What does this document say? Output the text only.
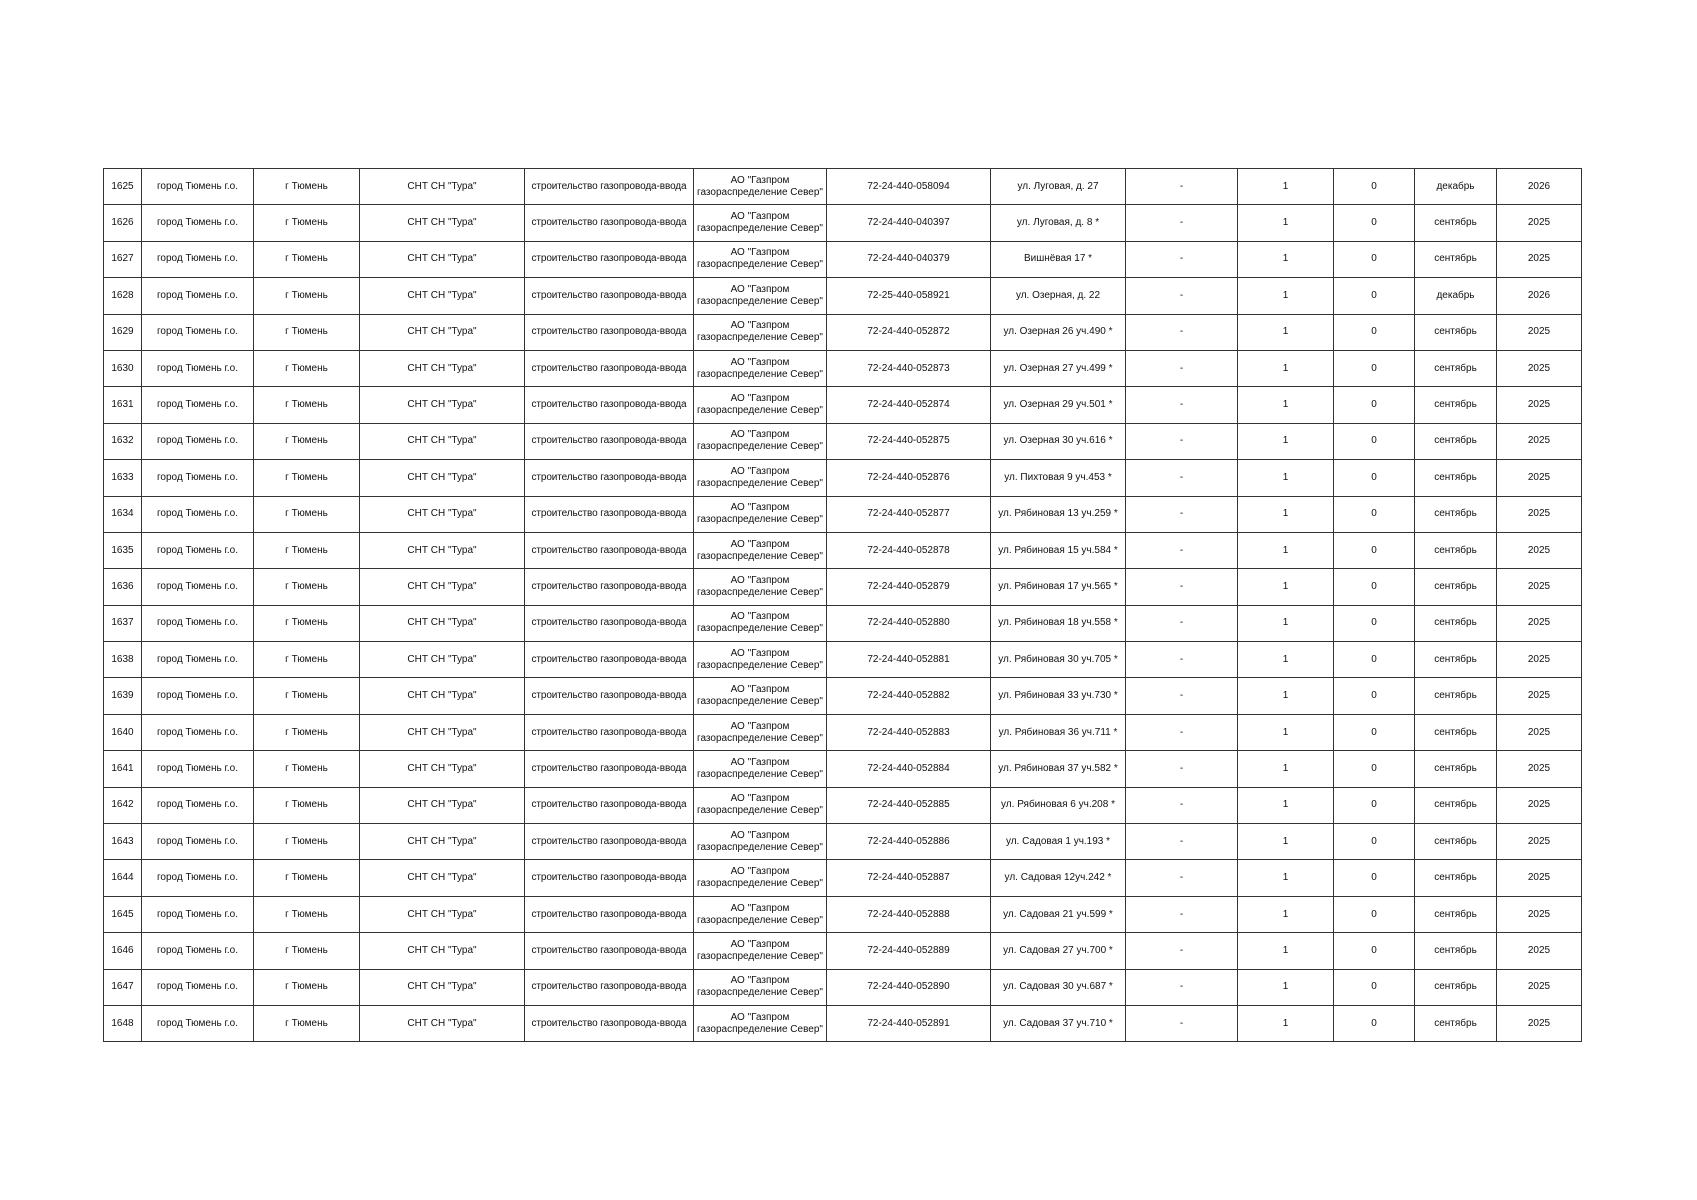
1625	город Тюмень г.о.	г Тюмень	СНТ СН "Тура"	строительство газопровода-ввода	АО "Газпром газораспределение Север"	72-24-440-058094	ул. Луговая, д. 27	-	1	0	декабрь	2026
1626	город Тюмень г.о.	г Тюмень	СНТ СН "Тура"	строительство газопровода-ввода	АО "Газпром газораспределение Север"	72-24-440-040397	ул. Луговая, д. 8 *	-	1	0	сентябрь	2025
1627	город Тюмень г.о.	г Тюмень	СНТ СН "Тура"	строительство газопровода-ввода	АО "Газпром газораспределение Север"	72-24-440-040379	Вишнёвая 17 *	-	1	0	сентябрь	2025
1628	город Тюмень г.о.	г Тюмень	СНТ СН "Тура"	строительство газопровода-ввода	АО "Газпром газораспределение Север"	72-25-440-058921	ул. Озерная, д. 22	-	1	0	декабрь	2026
1629	город Тюмень г.о.	г Тюмень	СНТ СН "Тура"	строительство газопровода-ввода	АО "Газпром газораспределение Север"	72-24-440-052872	ул. Озерная 26 уч.490 *	-	1	0	сентябрь	2025
1630	город Тюмень г.о.	г Тюмень	СНТ СН "Тура"	строительство газопровода-ввода	АО "Газпром газораспределение Север"	72-24-440-052873	ул. Озерная 27 уч.499 *	-	1	0	сентябрь	2025
1631	город Тюмень г.о.	г Тюмень	СНТ СН "Тура"	строительство газопровода-ввода	АО "Газпром газораспределение Север"	72-24-440-052874	ул. Озерная 29 уч.501 *	-	1	0	сентябрь	2025
1632	город Тюмень г.о.	г Тюмень	СНТ СН "Тура"	строительство газопровода-ввода	АО "Газпром газораспределение Север"	72-24-440-052875	ул. Озерная 30 уч.616 *	-	1	0	сентябрь	2025
1633	город Тюмень г.о.	г Тюмень	СНТ СН "Тура"	строительство газопровода-ввода	АО "Газпром газораспределение Север"	72-24-440-052876	ул. Пихтовая 9 уч.453 *	-	1	0	сентябрь	2025
1634	город Тюмень г.о.	г Тюмень	СНТ СН "Тура"	строительство газопровода-ввода	АО "Газпром газораспределение Север"	72-24-440-052877	ул. Рябиновая 13 уч.259 *	-	1	0	сентябрь	2025
1635	город Тюмень г.о.	г Тюмень	СНТ СН "Тура"	строительство газопровода-ввода	АО "Газпром газораспределение Север"	72-24-440-052878	ул. Рябиновая 15 уч.584 *	-	1	0	сентябрь	2025
1636	город Тюмень г.о.	г Тюмень	СНТ СН "Тура"	строительство газопровода-ввода	АО "Газпром газораспределение Север"	72-24-440-052879	ул. Рябиновая 17 уч.565 *	-	1	0	сентябрь	2025
1637	город Тюмень г.о.	г Тюмень	СНТ СН "Тура"	строительство газопровода-ввода	АО "Газпром газораспределение Север"	72-24-440-052880	ул. Рябиновая 18 уч.558 *	-	1	0	сентябрь	2025
1638	город Тюмень г.о.	г Тюмень	СНТ СН "Тура"	строительство газопровода-ввода	АО "Газпром газораспределение Север"	72-24-440-052881	ул. Рябиновая 30 уч.705 *	-	1	0	сентябрь	2025
1639	город Тюмень г.о.	г Тюмень	СНТ СН "Тура"	строительство газопровода-ввода	АО "Газпром газораспределение Север"	72-24-440-052882	ул. Рябиновая 33 уч.730 *	-	1	0	сентябрь	2025
1640	город Тюмень г.о.	г Тюмень	СНТ СН "Тура"	строительство газопровода-ввода	АО "Газпром газораспределение Север"	72-24-440-052883	ул. Рябиновая 36 уч.711 *	-	1	0	сентябрь	2025
1641	город Тюмень г.о.	г Тюмень	СНТ СН "Тура"	строительство газопровода-ввода	АО "Газпром газораспределение Север"	72-24-440-052884	ул. Рябиновая 37 уч.582 *	-	1	0	сентябрь	2025
1642	город Тюмень г.о.	г Тюмень	СНТ СН "Тура"	строительство газопровода-ввода	АО "Газпром газораспределение Север"	72-24-440-052885	ул. Рябиновая 6 уч.208 *	-	1	0	сентябрь	2025
1643	город Тюмень г.о.	г Тюмень	СНТ СН "Тура"	строительство газопровода-ввода	АО "Газпром газораспределение Север"	72-24-440-052886	ул. Садовая 1 уч.193 *	-	1	0	сентябрь	2025
1644	город Тюмень г.о.	г Тюмень	СНТ СН "Тура"	строительство газопровода-ввода	АО "Газпром газораспределение Север"	72-24-440-052887	ул. Садовая 12уч.242 *	-	1	0	сентябрь	2025
1645	город Тюмень г.о.	г Тюмень	СНТ СН "Тура"	строительство газопровода-ввода	АО "Газпром газораспределение Север"	72-24-440-052888	ул. Садовая 21 уч.599 *	-	1	0	сентябрь	2025
1646	город Тюмень г.о.	г Тюмень	СНТ СН "Тура"	строительство газопровода-ввода	АО "Газпром газораспределение Север"	72-24-440-052889	ул. Садовая 27 уч.700 *	-	1	0	сентябрь	2025
1647	город Тюмень г.о.	г Тюмень	СНТ СН "Тура"	строительство газопровода-ввода	АО "Газпром газораспределение Север"	72-24-440-052890	ул. Садовая 30 уч.687 *	-	1	0	сентябрь	2025
1648	город Тюмень г.о.	г Тюмень	СНТ СН "Тура"	строительство газопровода-ввода	АО "Газпром газораспределение Север"	72-24-440-052891	ул. Садовая 37 уч.710 *	-	1	0	сентябрь	2025
